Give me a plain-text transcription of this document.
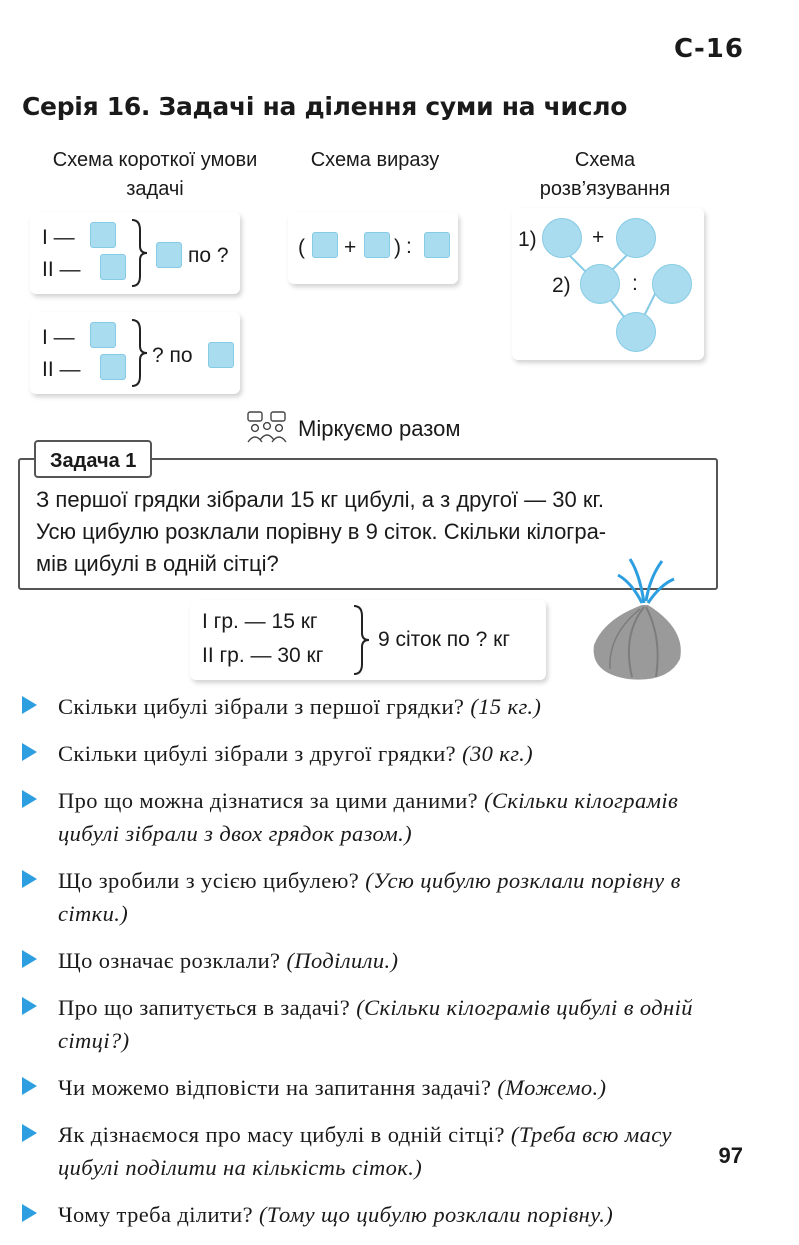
С-16
Серія 16. Задачі на ділення суми на число
Схема короткої умови задачі
Схема виразу	Схема розв’язування
І —
ІІ —
по ?
І —
ІІ —
? по
( + ) :	1)	+
2)	:
Міркуємо разом
Задача 1
З першої грядки зібрали 15 кг цибулі, а з другої — 30 кг.
Усю цибулю розклали порівну в 9 сіток. Скільки кілогра-
мів цибулі в одній сітці?
І гр. — 15 кг
ІІ гр. — 30 кг
9 сіток по ? кг
Скільки цибулі зібрали з першої грядки? (15 кг.)
Скільки цибулі зібрали з другої грядки? (30 кг.)
Про що можна дізнатися за цими даними? (Скільки кілограмів цибулі зібрали з двох грядок разом.)
Що зробили з усією цибулею? (Усю цибулю розклали порівну в сітки.)
Що означає розклали? (Поділили.)
Про що запитується в задачі? (Скільки кілограмів цибулі в одній сітці?)
Чи можемо відповісти на запитання задачі? (Можемо.)
Як дізнаємося про масу цибулі в одній сітці? (Треба всю масу цибулі поділити на кількість сіток.)
Чому треба ділити? (Тому що цибулю розклали порівну.)
97
